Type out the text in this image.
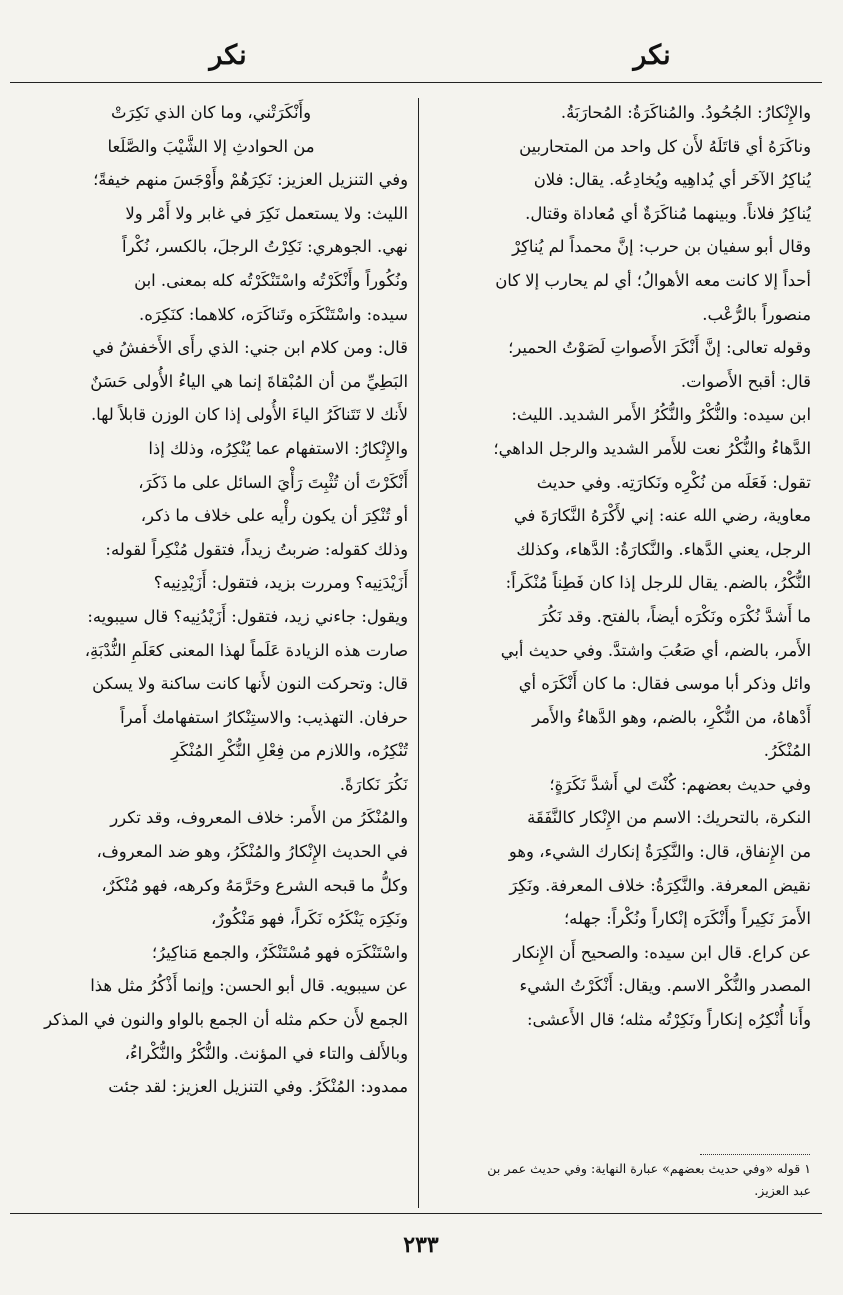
نكر
نكر
والإِنْكارُ: الجُحُودُ. والمُناكَرَةُ: المُحارَبَةُ.
وناكَرَهُ أي قاتَلَهُ لأَن كل واحد من المتحاربين
يُناكِرُ الآخَر أي يُداهِيه ويُخادِعُه. يقال: فلان
يُناكِرُ فلاناً. وبينهما مُناكَرَةٌ أي مُعاداة وقتال.
وقال أبو سفيان بن حرب: إنَّ محمداً لم يُناكِرْ
أحداً إلا كانت معه الأهوالُ؛ أي لم يحارب إلا كان
منصوراً بالرُّعْب.
وقوله تعالى: إنَّ أَنْكَرَ الأَصواتِ لَصَوْتُ الحمير؛
قال: أقبح الأَصوات.
ابن سيده: والنُّكْرُ والنُّكُرُ الأَمر الشديد. الليث:
الدَّهاءُ والنُّكْرُ نعت للأَمر الشديد والرجل الداهي؛
تقول: فَعَلَه من نُكْرِه ونَكارَتِه. وفي حديث
معاوية، رضي الله عنه: إني لأَكْرَهُ النَّكارَةَ في
الرجل، يعني الدَّهاء. والنَّكارَةُ: الدَّهاء، وكذلك
النُّكْرُ، بالضم. يقال للرجل إذا كان فَطِناً مُنْكَراً:
ما أَشدَّ نُكْرَه ونَكْرَه أيضاً، بالفتح. وقد نَكُرَ
الأَمر، بالضم، أي صَعُبَ واشتدَّ. وفي حديث أبي
وائل وذكر أبا موسى فقال: ما كان أَنْكَرَه أي
أَدْهاهُ، من النُّكْرِ، بالضم، وهو الدَّهاءُ والأَمر
المُنْكَرُ.
وفي حديث بعضهم: كُنْتَ لي أَشدَّ نَكَرَةٍ؛
النكرة، بالتحريك: الاسم من الإِنْكار كالنَّفَقَة
من الإِنفاق، قال: والنَّكِرَةُ إنكارك الشيء، وهو
نقيض المعرفة. والنَّكِرَةُ: خلاف المعرفة. ونَكِرَ
الأَمرَ نَكِيراً وأَنْكَرَه إنْكاراً ونُكْراً: جهله؛
عن كراع. قال ابن سيده: والصحيح أَن الإِنكار
المصدر والنُّكْر الاسم. ويقال: أَنْكَرْتُ الشيء
وأَنا أُنْكِرُه إنكاراً ونَكِرْتُه مثله؛ قال الأَعشى:
١ قوله «وفي حديث بعضهم» عبارة النهاية: وفي حديث عمر بن
عبد العزيز.
وأَنْكَرَتْني، وما كان الذي نَكِرَتْ
من الحوادثِ إلا الشَّيْبَ والصَّلَعا
وفي التنزيل العزيز: نَكِرَهُمْ وأَوْجَسَ منهم خيفةً؛
الليث: ولا يستعمل نَكِرَ في غابر ولا أَمْر ولا
نهي. الجوهري: نَكِرْتُ الرجلَ، بالكسر، نُكْراً
ونُكُوراً وأَنْكَرْتُه واسْتَنْكَرْتُه كله بمعنى. ابن
سيده: واسْتَنْكَرَه وتَناكَرَه، كلاهما: كنَكِرَه.
قال: ومن كلام ابن جني: الذي رأَى الأَخفشُ في
البَطِيِّ من أن المُبْقاةَ إنما هي الياءُ الأُولى حَسَنٌ
لأَنك لا تَتَناكَرُ الياءَ الأُولى إذا كان الوزن قابلاً لها.
والإِنْكارُ: الاستفهام عما يُنْكِرُه، وذلك إذا
أَنْكَرْتَ أن تُثْبِتَ رَأْيَ السائل على ما ذَكَرَ،
أو تُنْكِرَ أن يكون رأْيه على خلاف ما ذكر،
وذلك كقوله: ضربتُ زيداً، فتقول مُنْكِراً لقوله:
أَزَيْدَنِيه؟ ومررت بزيد، فتقول: أَزَيْدِنِيه؟
ويقول: جاءني زيد، فتقول: أَزَيْدُنِيه؟ قال سيبويه:
صارت هذه الزيادة عَلَماً لهذا المعنى كعَلَمِ النُّدْبَةِ،
قال: وتحركت النون لأَنها كانت ساكنة ولا يسكن
حرفان. التهذيب: والاستِنْكارُ استفهامك أَمراً
تُنْكِرُه، واللازم من فِعْلِ النُّكْرِ المُنْكَرِ
نَكُرَ نَكارَةً.
والمُنْكَرُ من الأَمر: خلاف المعروف، وقد تكرر
في الحديث الإِنْكارُ والمُنْكَرُ، وهو ضد المعروف،
وكلُّ ما قبحه الشرع وحَرَّمَهُ وكرهه، فهو مُنْكَرٌ،
ونَكِرَه يَنْكَرُه نَكَراً، فهو مَنْكُورٌ،
واسْتَنْكَرَه فهو مُسْتَنْكَرٌ، والجمع مَناكِيرُ؛
عن سيبويه. قال أبو الحسن: وإنما أَذْكُرُ مثل هذا
الجمع لأَن حكم مثله أن الجمع بالواو والنون في المذكر
وبالأَلف والتاء في المؤنث. والنُّكْرُ والنُّكْراءُ،
ممدود: المُنْكَرُ. وفي التنزيل العزيز: لقد جئت
٢٣٣
